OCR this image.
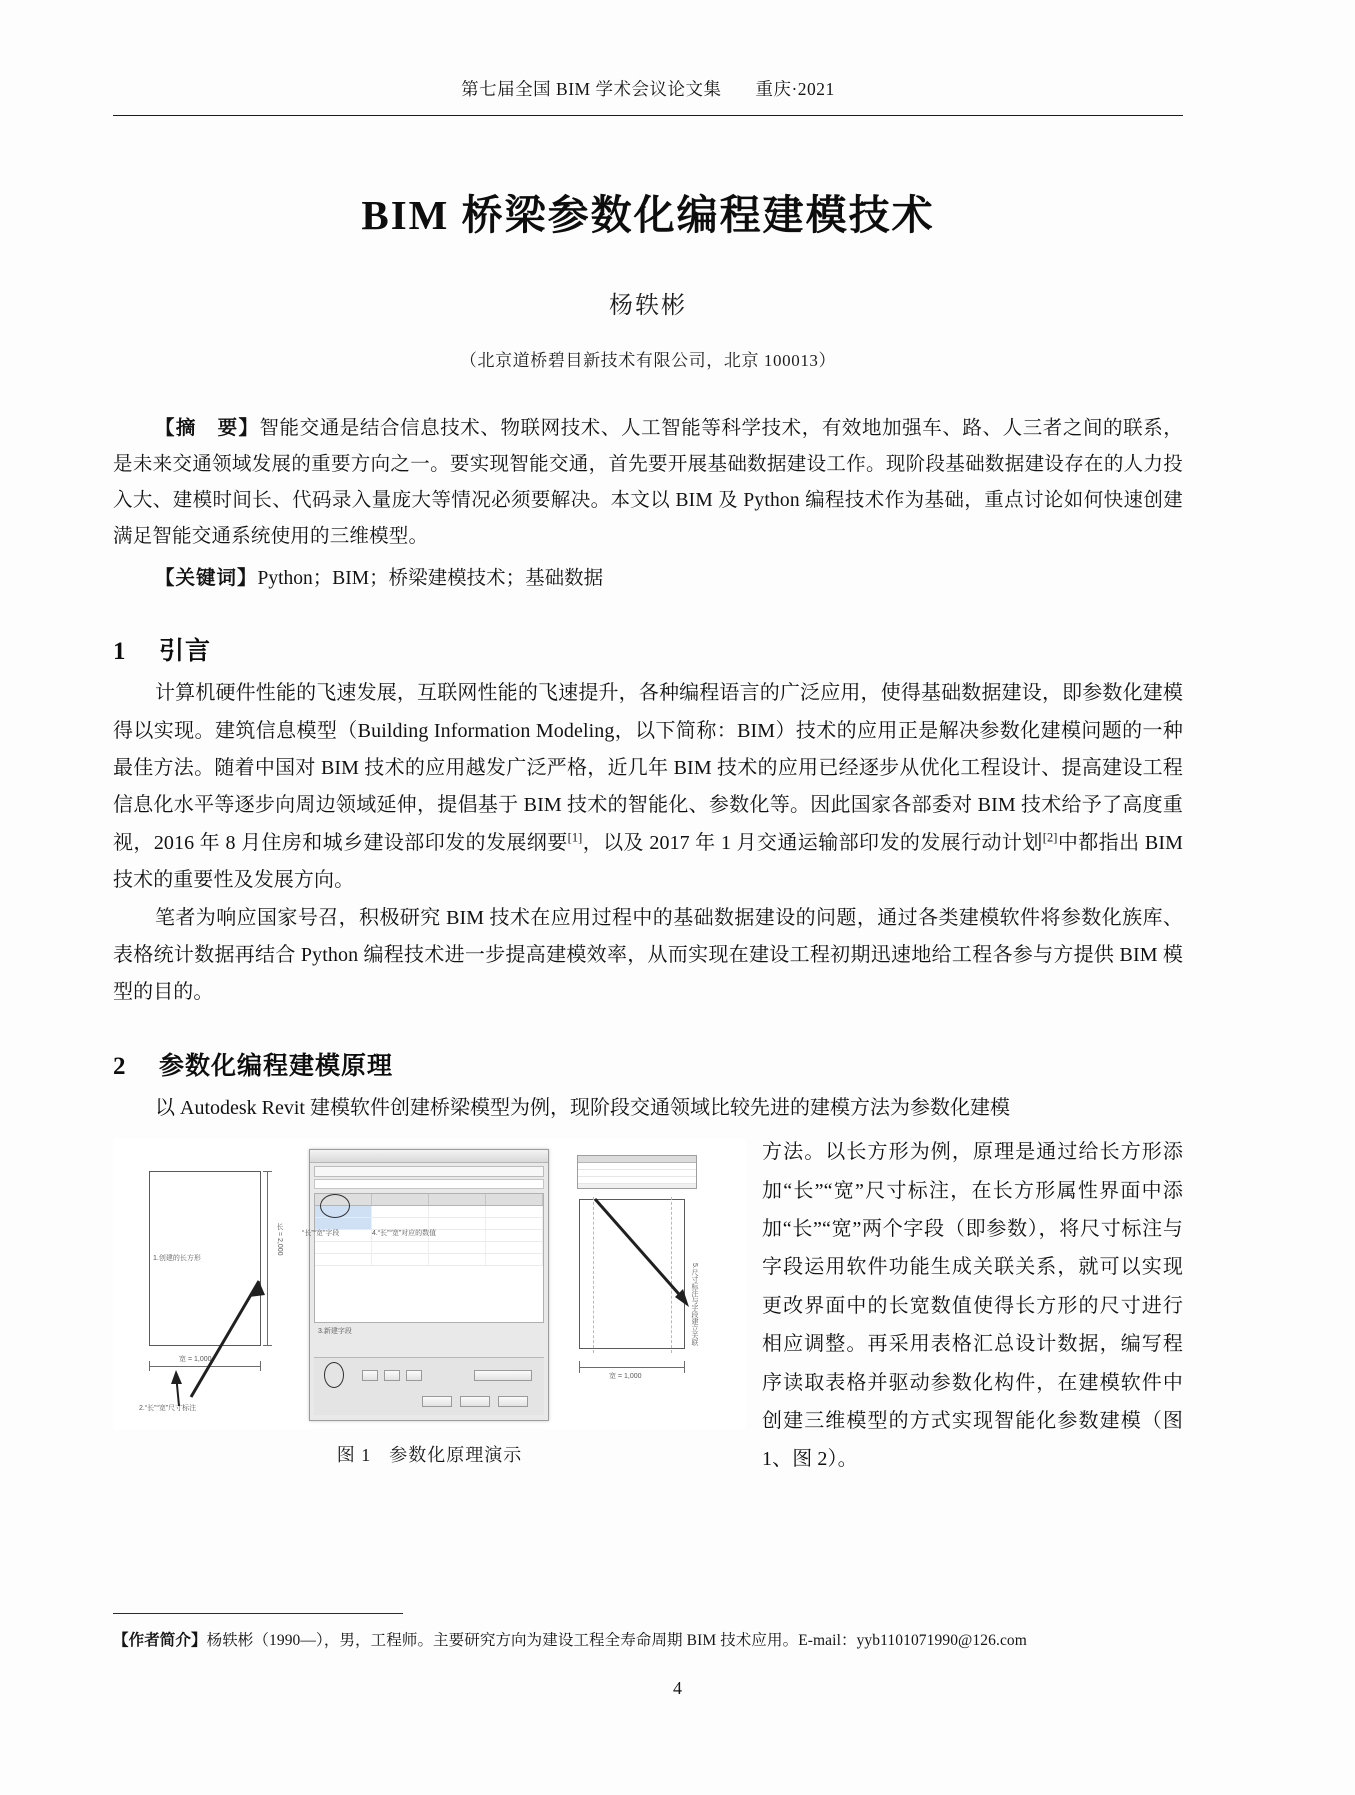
第七届全国 BIM 学术会议论文集 重庆·2021
BIM 桥梁参数化编程建模技术
杨轶彬
（北京道桥碧目新技术有限公司，北京 100013）

【摘　要】智能交通是结合信息技术、物联网技术、人工智能等科学技术，有效地加强车、路、人三者之间的联系，是未来交通领域发展的重要方向之一。要实现智能交通，首先要开展基础数据建设工作。现阶段基础数据建设存在的人力投入大、建模时间长、代码录入量庞大等情况必须要解决。本文以 BIM 及 Python 编程技术作为基础，重点讨论如何快速创建满足智能交通系统使用的三维模型。

【关键词】Python；BIM；桥梁建模技术；基础数据
1 引言

计算机硬件性能的飞速发展，互联网性能的飞速提升，各种编程语言的广泛应用，使得基础数据建设，即参数化建模得以实现。建筑信息模型（Building Information Modeling，以下简称：BIM）技术的应用正是解决参数化建模问题的一种最佳方法。随着中国对 BIM 技术的应用越发广泛严格，近几年 BIM 技术的应用已经逐步从优化工程设计、提高建设工程信息化水平等逐步向周边领域延伸，提倡基于 BIM 技术的智能化、参数化等。因此国家各部委对 BIM 技术给予了高度重视，2016 年 8 月住房和城乡建设部印发的发展纲要[1]，以及 2017 年 1 月交通运输部印发的发展行动计划[2]中都指出 BIM 技术的重要性及发展方向。

笔者为响应国家号召，积极研究 BIM 技术在应用过程中的基础数据建设的问题，通过各类建模软件将参数化族库、表格统计数据再结合 Python 编程技术进一步提高建模效率，从而实现在建设工程初期迅速地给工程各参与方提供 BIM 模型的目的。

2 参数化编程建模原理

以 Autodesk Revit 建模软件创建桥梁模型为例，现阶段交通领域比较先进的建模方法为参数化建模

1.创建的长方形
长 = 2,000
宽 = 1,000
2.“长”“宽”尺寸标注
“长”“宽”字段	4.“长”“宽”对应的数值
3.新建字段
宽 = 1,000
5.尺寸标注与字段建立关联
图 1 参数化原理演示

方法。以长方形为例，原理是通过给长方形添加“长”“宽”尺寸标注，在长方形属性界面中添加“长”“宽”两个字段（即参数），将尺寸标注与字段运用软件功能生成关联关系，就可以实现更改界面中的长宽数值使得长方形的尺寸进行相应调整。再采用表格汇总设计数据，编写程序读取表格并驱动参数化构件，在建模软件中创建三维模型的方式实现智能化参数建模（图 1、图 2）。

【作者简介】杨轶彬（1990—），男，工程师。主要研究方向为建设工程全寿命周期 BIM 技术应用。E-mail：yyb1101071990@126.com
4
